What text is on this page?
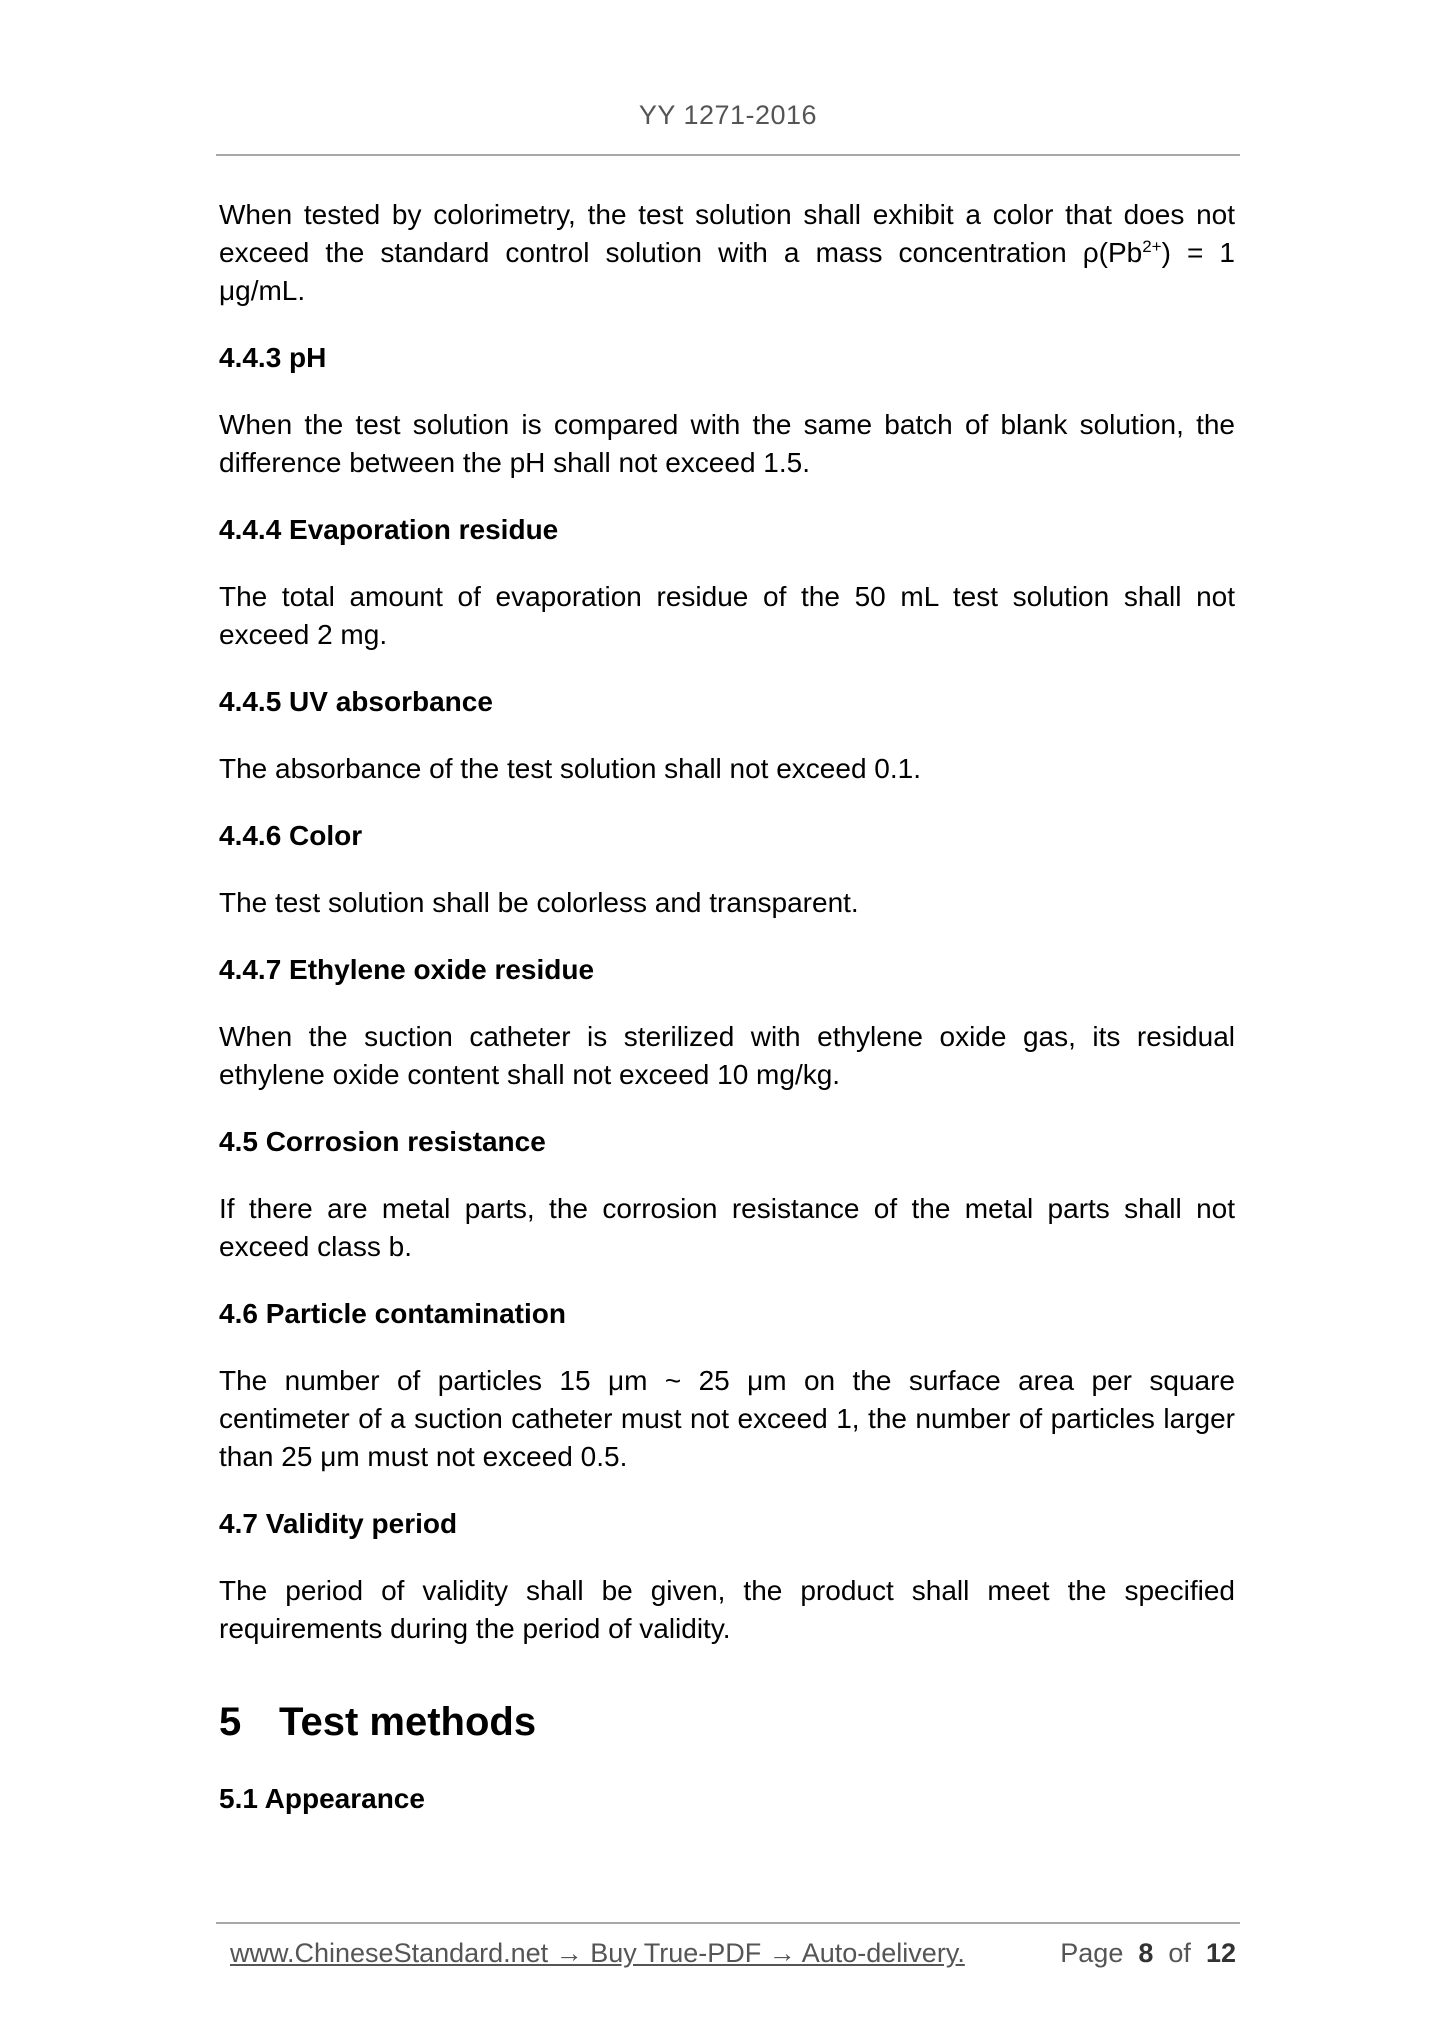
YY 1271-2016

When tested by colorimetry, the test solution shall exhibit a color that does not exceed the standard control solution with a mass concentration $\rho(Pb^{2+}) = 1$ μg/mL.

4.4.3 pH

When the test solution is compared with the same batch of blank solution, the difference between the pH shall not exceed 1.5.

4.4.4 Evaporation residue

The total amount of evaporation residue of the 50 mL test solution shall not exceed 2 mg.

4.4.5 UV absorbance

The absorbance of the test solution shall not exceed 0.1.

4.4.6 Color

The test solution shall be colorless and transparent.

4.4.7 Ethylene oxide residue

When the suction catheter is sterilized with ethylene oxide gas, its residual ethylene oxide content shall not exceed 10 mg/kg.

4.5 Corrosion resistance

If there are metal parts, the corrosion resistance of the metal parts shall not exceed class b.

4.6 Particle contamination

The number of particles 15 μm ~ 25 μm on the surface area per square centimeter of a suction catheter must not exceed 1, the number of particles larger than 25 μm must not exceed 0.5.

4.7 Validity period

The period of validity shall be given, the product shall meet the specified requirements during the period of validity.

5 Test methods

5.1 Appearance

www.ChineseStandard.net → Buy True-PDF → Auto-delivery.	Page 8 of 12
